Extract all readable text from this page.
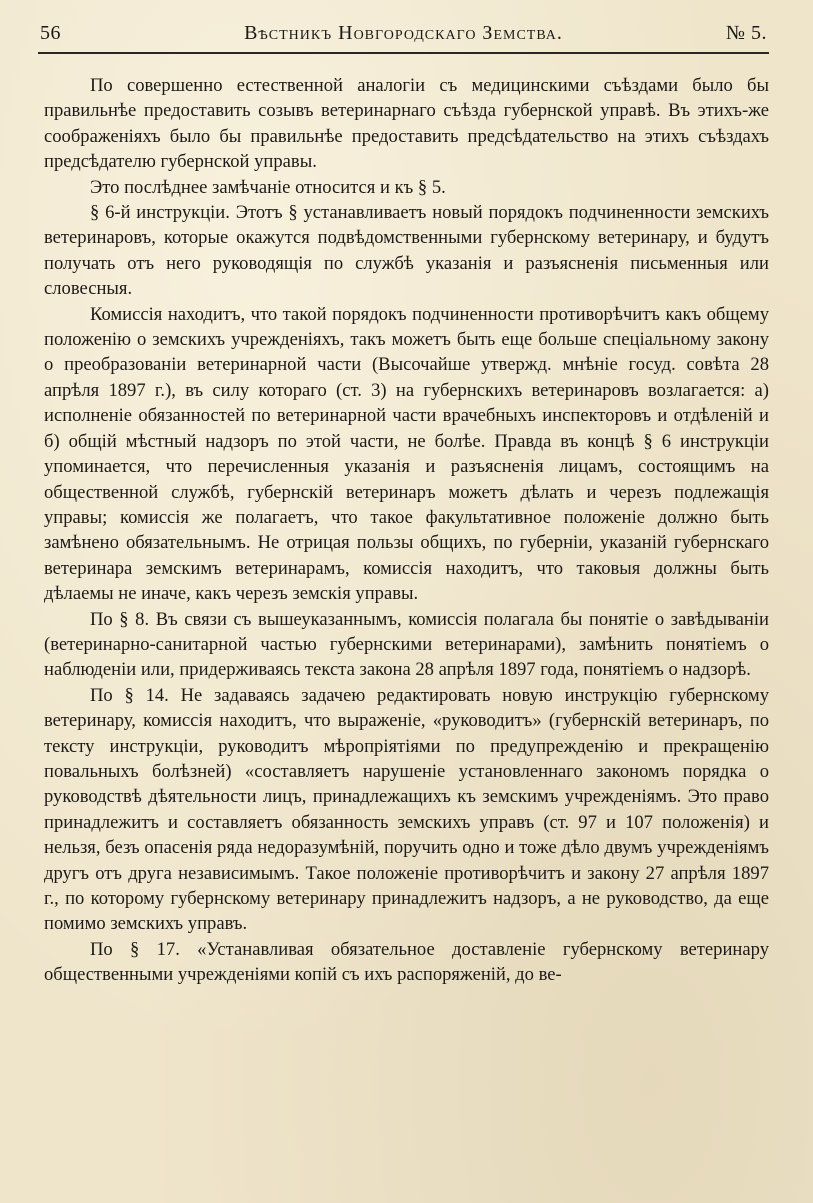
56	Вѣстникъ Новгородскаго Земства.	№ 5.

По совершенно естественной аналогіи съ медицинскими съѣздами было бы правильнѣе предоставить созывъ ветеринарнаго съѣзда губернской управѣ. Въ этихъ-же соображеніяхъ было бы правильнѣе предоставить предсѣдательство на этихъ съѣздахъ предсѣдателю губернской управы.

Это послѣднее замѣчаніе относится и къ § 5.

§ 6-й инструкціи. Этотъ § устанавливаетъ новый порядокъ подчиненности земскихъ ветеринаровъ, которые окажутся подвѣдомственными губернскому ветеринару, и будутъ получать отъ него руководящія по службѣ указанія и разъясненія письменныя или словесныя.

Комиссія находитъ, что такой порядокъ подчиненности противорѣчитъ какъ общему положенію о земскихъ учрежденіяхъ, такъ можетъ быть еще больше спеціальному закону о преобразованіи ветеринарной части (Высочайше утвержд. мнѣніе госуд. совѣта 28 апрѣля 1897 г.), въ силу котораго (ст. 3) на губернскихъ ветеринаровъ возлагается: а) исполненіе обязанностей по ветеринарной части врачебныхъ инспекторовъ и отдѣленій и б) общій мѣстный надзоръ по этой части, не болѣе. Правда въ концѣ § 6 инструкціи упоминается, что перечисленныя указанія и разъясненія лицамъ, состоящимъ на общественной службѣ, губернскій ветеринаръ можетъ дѣлать и черезъ подлежащія управы; комиссія же полагаетъ, что такое факультативное положеніе должно быть замѣнено обязательнымъ. Не отрицая пользы общихъ, по губерніи, указаній губернскаго ветеринара земскимъ ветеринарамъ, комиссія находитъ, что таковыя должны быть дѣлаемы не иначе, какъ черезъ земскія управы.

По § 8. Въ связи съ вышеуказаннымъ, комиссія полагала бы понятіе о завѣдываніи (ветеринарно-санитарной частью губернскими ветеринарами), замѣнить понятіемъ о наблюденіи или, придерживаясь текста закона 28 апрѣля 1897 года, понятіемъ о надзорѣ.

По § 14. Не задаваясь задачею редактировать новую инструкцію губернскому ветеринару, комиссія находитъ, что выраженіе, «руководитъ» (губернскій ветеринаръ, по тексту инструкціи, руководитъ мѣропріятіями по предупрежденію и прекращенію повальныхъ болѣзней) «составляетъ нарушеніе установленнаго закономъ порядка о руководствѣ дѣятельности лицъ, принадлежащихъ къ земскимъ учрежденіямъ. Это право принадлежитъ и составляетъ обязанность земскихъ управъ (ст. 97 и 107 положенія) и нельзя, безъ опасенія ряда недоразумѣній, поручить одно и тоже дѣло двумъ учрежденіямъ другъ отъ друга независимымъ. Такое положеніе противорѣчитъ и закону 27 апрѣля 1897 г., по которому губернскому ветеринару принадлежитъ надзоръ, а не руководство, да еще помимо земскихъ управъ.

По § 17. «Устанавливая обязательное доставленіе губернскому ветеринару общественными учрежденіями копій съ ихъ распоряженій, до ве-
